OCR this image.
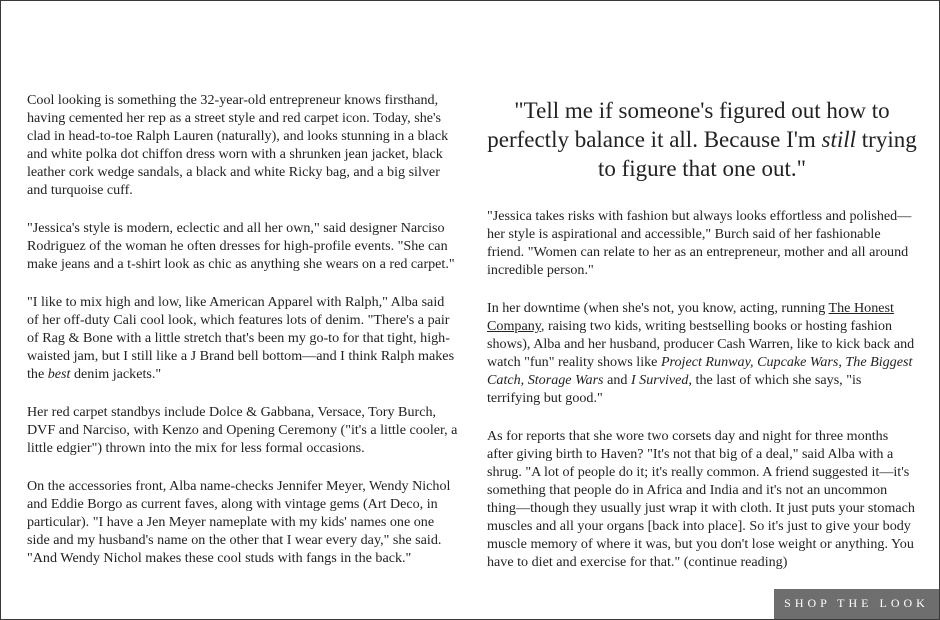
Cool looking is something the 32-year-old entrepreneur knows firsthand, having cemented her rep as a street style and red carpet icon. Today, she's clad in head-to-toe Ralph Lauren (naturally), and looks stunning in a black and white polka dot chiffon dress worn with a shrunken jean jacket, black leather cork wedge sandals, a black and white Ricky bag, and a big silver and turquoise cuff.

"Jessica's style is modern, eclectic and all her own," said designer Narciso Rodriguez of the woman he often dresses for high-profile events. "She can make jeans and a t-shirt look as chic as anything she wears on a red carpet."

"I like to mix high and low, like American Apparel with Ralph," Alba said of her off-duty Cali cool look, which features lots of denim. "There's a pair of Rag & Bone with a little stretch that's been my go-to for that tight, high-waisted jam, but I still like a J Brand bell bottom—and I think Ralph makes the best denim jackets."

Her red carpet standbys include Dolce & Gabbana, Versace, Tory Burch, DVF and Narciso, with Kenzo and Opening Ceremony ("it's a little cooler, a little edgier") thrown into the mix for less formal occasions.

On the accessories front, Alba name-checks Jennifer Meyer, Wendy Nichol and Eddie Borgo as current faves, along with vintage gems (Art Deco, in particular). "I have a Jen Meyer nameplate with my kids' names one one side and my husband's name on the other that I wear every day," she said. "And Wendy Nichol makes these cool studs with fangs in the back."

"Tell me if someone's figured out how to perfectly balance it all. Because I'm still trying to figure that one out."

"Jessica takes risks with fashion but always looks effortless and polished—her style is aspirational and accessible," Burch said of her fashionable friend. "Women can relate to her as an entrepreneur, mother and all around incredible person."

In her downtime (when she's not, you know, acting, running The Honest Company, raising two kids, writing bestselling books or hosting fashion shows), Alba and her husband, producer Cash Warren, like to kick back and watch "fun" reality shows like Project Runway, Cupcake Wars, The Biggest Catch, Storage Wars and I Survived, the last of which she says, "is terrifying but good."

As for reports that she wore two corsets day and night for three months after giving birth to Haven? "It's not that big of a deal," said Alba with a shrug. "A lot of people do it; it's really common. A friend suggested it—it's something that people do in Africa and India and it's not an uncommon thing—though they usually just wrap it with cloth. It just puts your stomach muscles and all your organs [back into place]. So it's just to give your body muscle memory of where it was, but you don't lose weight or anything. You have to diet and exercise for that." (continue reading)

SHOP THE LOOK
